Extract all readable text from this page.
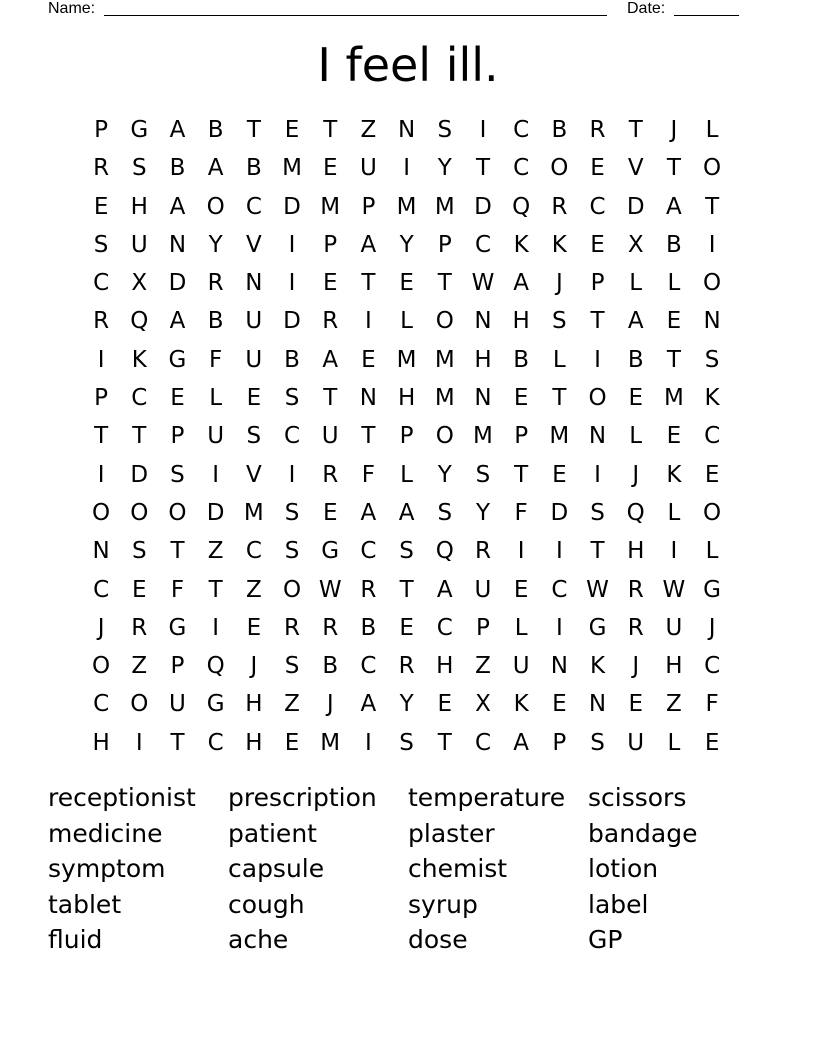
Name:	Date:
I feel ill.
P G A B	T	E	T	Z N S	I	C B R	T	J	L
R S	B A B M E U	I	Y	T	C O E	V	T O
E H A O C D M P M M D Q R C D A	T
S U N Y	V	I	P	A	Y	P	C K	K	E	X B	I
C X D R N	I	E	T	E	T W A	J	P	L	L O
R Q A B U D R	I	L O N H S	T	A	E N
I	K G F	U B A	E M M H B	L	I	B	T	S
P	C E	L	E	S	T N H M N E	T O E M K
T	T	P U S C U T	P O M P M N	L	E C
I	D S	I	V	I	R	F	L	Y	S	T	E	I	J	K	E
O O O D M S	E	A A	S	Y	F D S Q L O
N S	T	Z C S G C S Q R	I	I	T H	I	L
C E	F	T	Z O W R	T	A U E C W R W G
J	R G	I	E R R B	E C	P	L	I	G R U	J
O Z	P Q	J	S	B C R H Z U N K	J	H C
C O U G H Z	J	A	Y	E	X K	E N E	Z	F
H	I	T	C H E M	I	S	T	C A	P	S U	L	E
receptionist	prescription	temperature scissors
medicine	patient	plaster	bandage
symptom	capsule	chemist	lotion
tablet	cough	syrup	label
fluid	ache	dose	GP
